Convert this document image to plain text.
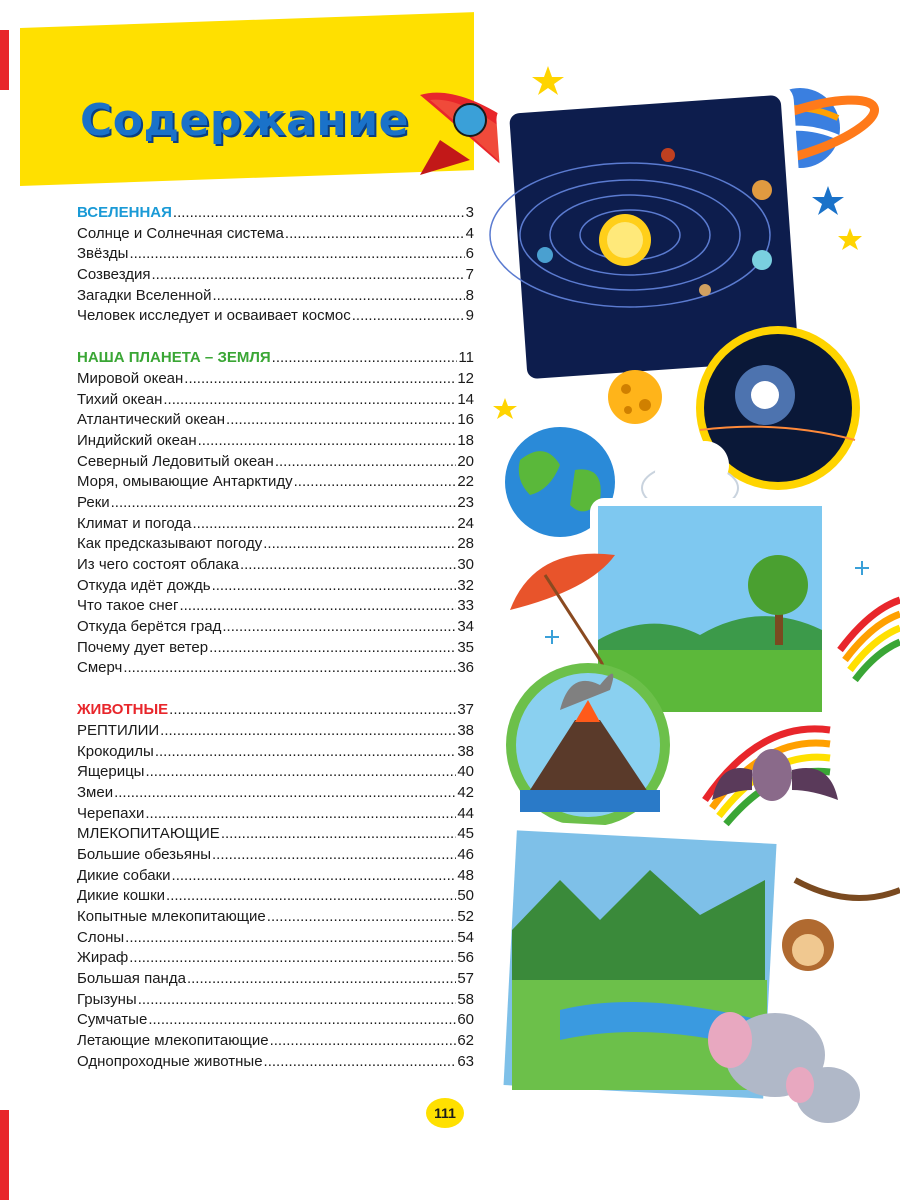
Содержание
ВСЕЛЕННАЯ .....	3
Солнце и Солнечная система .....	4
Звёзды .....	6
Созвездия .....	7
Загадки Вселенной .....	8
Человек исследует и осваивает космос .....	9
НАША ПЛАНЕТА – ЗЕМЛЯ .....	11
Мировой океан .....	12
Тихий океан .....	14
Атлантический океан .....	16
Индийский океан .....	18
Северный Ледовитый океан .....	20
Моря, омывающие Антарктиду .....	22
Реки .....	23
Климат и погода .....	24
Как предсказывают погоду .....	28
Из чего состоят облака .....	30
Откуда идёт дождь .....	32
Что такое снег .....	33
Откуда берётся град .....	34
Почему дует ветер .....	35
Смерч .....	36
ЖИВОТНЫЕ .....	37
РЕПТИЛИИ .....	38
Крокодилы .....	38
Ящерицы .....	40
Змеи .....	42
Черепахи .....	44
МЛЕКОПИТАЮЩИЕ .....	45
Большие обезьяны .....	46
Дикие собаки .....	48
Дикие кошки .....	50
Копытные млекопитающие .....	52
Слоны .....	54
Жираф .....	56
Большая панда .....	57
Грызуны .....	58
Сумчатые .....	60
Летающие млекопитающие .....	62
Однопроходные животные .....	63
111
